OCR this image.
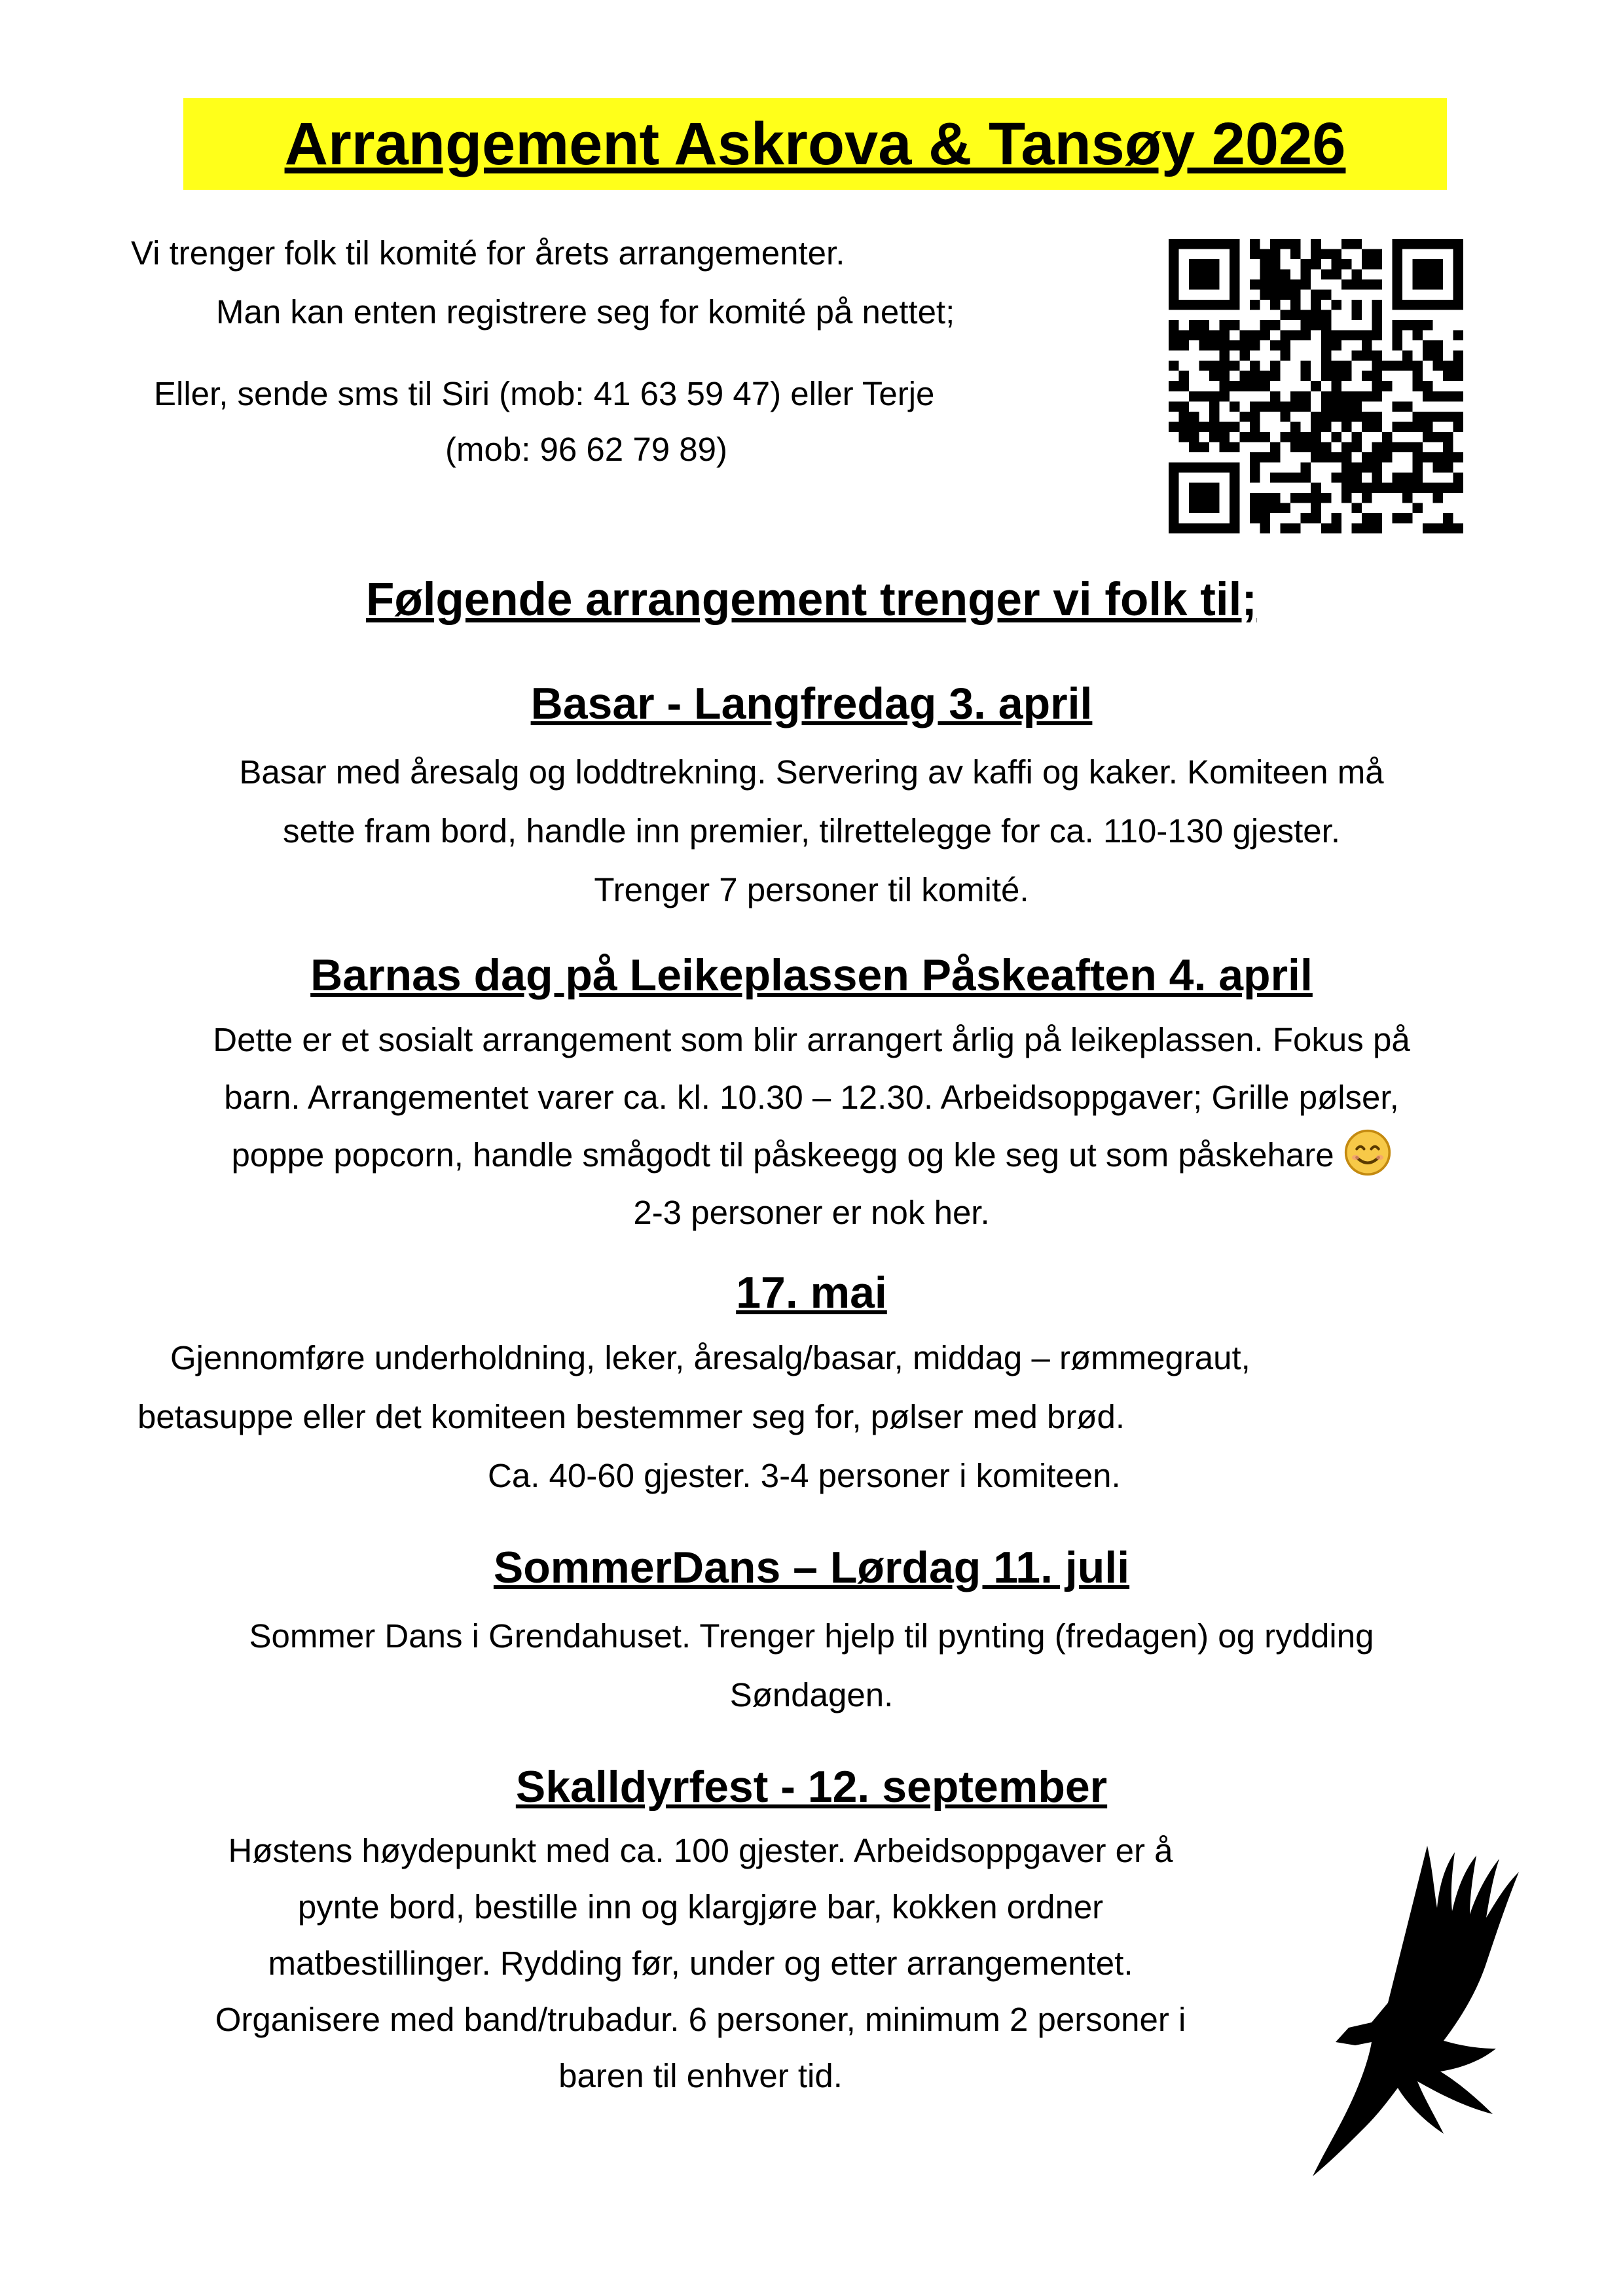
Arrangement Askrova & Tansøy 2026
Vi trenger folk til komité for årets arrangementer.
Man kan enten registrere seg for komité på nettet;
Eller, sende sms til Siri (mob: 41 63 59 47) eller Terje
(mob: 96 62 79 89)
Følgende arrangement trenger vi folk til;
Basar - Langfredag 3. april
Basar med åresalg og loddtrekning. Servering av kaffi og kaker. Komiteen må
sette fram bord, handle inn premier, tilrettelegge for ca. 110-130 gjester.
Trenger 7 personer til komité.
Barnas dag på Leikeplassen Påskeaften 4. april
Dette er et sosialt arrangement som blir arrangert årlig på leikeplassen. Fokus på
barn. Arrangementet varer ca. kl. 10.30 – 12.30. Arbeidsoppgaver; Grille pølser,
poppe popcorn, handle smågodt til påskeegg og kle seg ut som påskehare
2-3 personer er nok her.
17. mai
Gjennomføre underholdning, leker, åresalg/basar, middag – rømmegraut,
betasuppe eller det komiteen bestemmer seg for, pølser med brød.
Ca. 40-60 gjester. 3-4 personer i komiteen.
SommerDans – Lørdag 11. juli
Sommer Dans i Grendahuset. Trenger hjelp til pynting (fredagen) og rydding
Søndagen.
Skalldyrfest - 12. september
Høstens høydepunkt med ca. 100 gjester. Arbeidsoppgaver er å
pynte bord, bestille inn og klargjøre bar, kokken ordner
matbestillinger. Rydding før, under og etter arrangementet.
Organisere med band/trubadur. 6 personer, minimum 2 personer i
baren til enhver tid.
